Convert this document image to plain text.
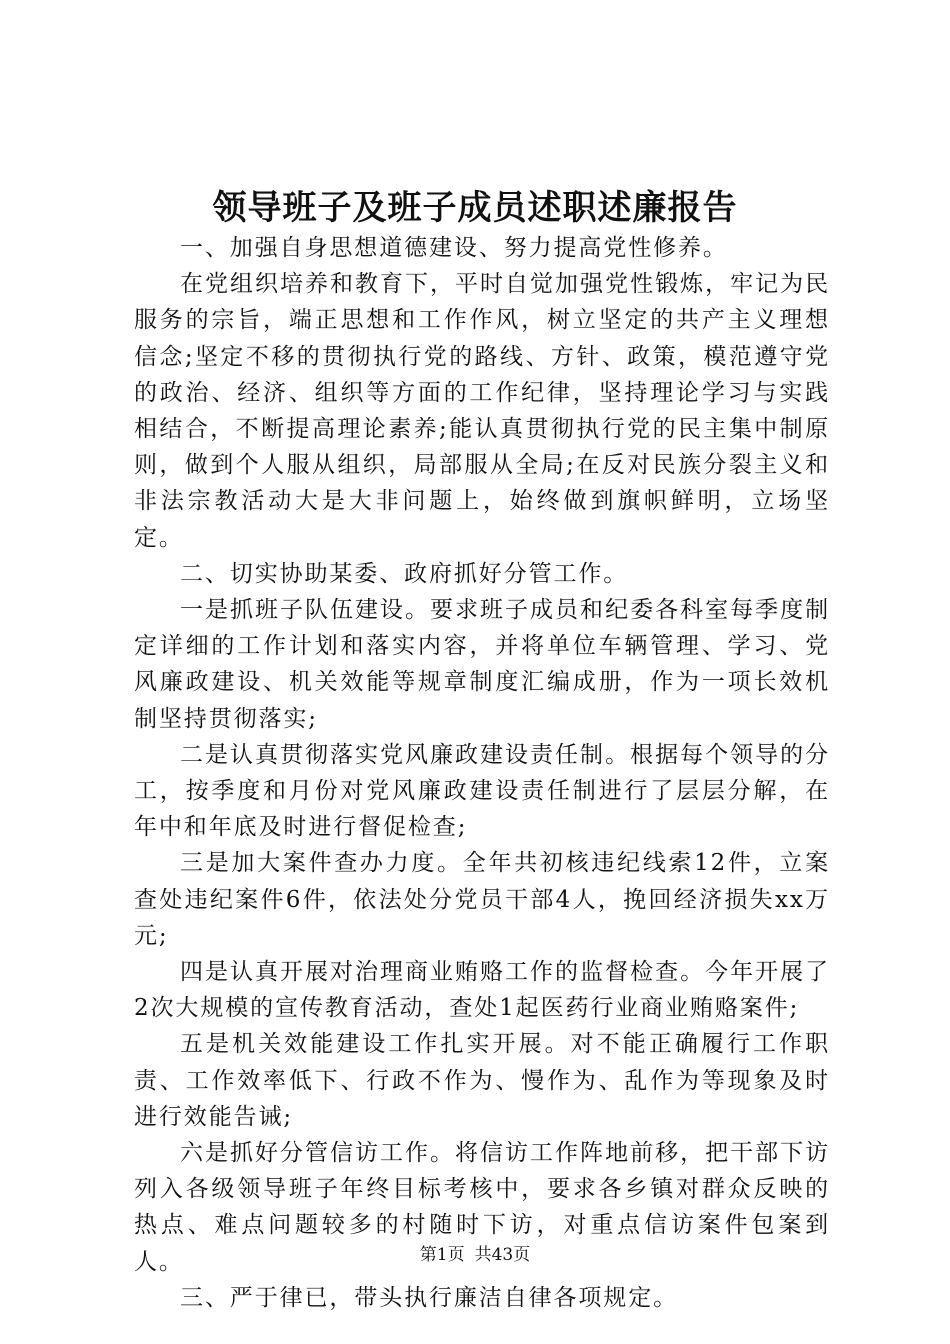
领导班子及班子成员述职述廉报告

一、加强自身思想道德建设、努力提高党性修养。

在党组织培养和教育下，平时自觉加强党性锻炼，牢记为民服务的宗旨，端正思想和工作作风，树立坚定的共产主义理想信念;坚定不移的贯彻执行党的路线、方针、政策，模范遵守党的政治、经济、组织等方面的工作纪律，坚持理论学习与实践相结合，不断提高理论素养;能认真贯彻执行党的民主集中制原则，做到个人服从组织，局部服从全局;在反对民族分裂主义和非法宗教活动大是大非问题上，始终做到旗帜鲜明，立场坚定。

二、切实协助某委、政府抓好分管工作。

一是抓班子队伍建设。要求班子成员和纪委各科室每季度制定详细的工作计划和落实内容，并将单位车辆管理、学习、党风廉政建设、机关效能等规章制度汇编成册，作为一项长效机制坚持贯彻落实;

二是认真贯彻落实党风廉政建设责任制。根据每个领导的分工，按季度和月份对党风廉政建设责任制进行了层层分解，在年中和年底及时进行督促检查;

三是加大案件查办力度。全年共初核违纪线索12件，立案查处违纪案件6件，依法处分党员干部4人，挽回经济损失xx万元;

四是认真开展对治理商业贿赂工作的监督检查。今年开展了2次大规模的宣传教育活动，查处1起医药行业商业贿赂案件;

五是机关效能建设工作扎实开展。对不能正确履行工作职责、工作效率低下、行政不作为、慢作为、乱作为等现象及时进行效能告诫;

六是抓好分管信访工作。将信访工作阵地前移，把干部下访列入各级领导班子年终目标考核中，要求各乡镇对群众反映的热点、难点问题较多的村随时下访，对重点信访案件包案到人。

三、严于律已，带头执行廉洁自律各项规定。

第1页 共43页
